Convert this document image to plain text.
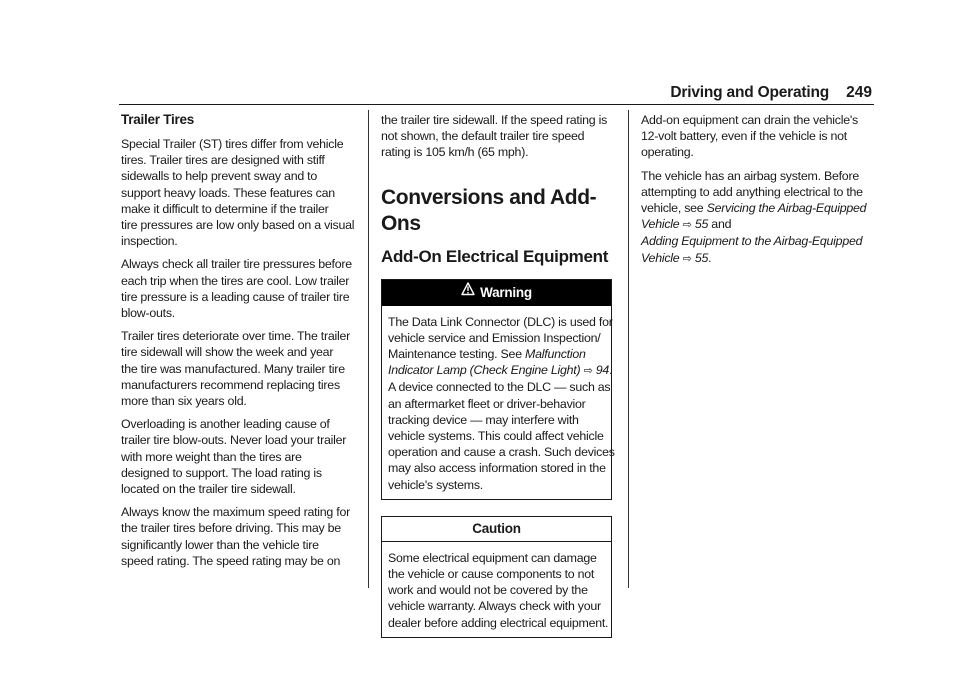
Driving and Operating 249
Trailer Tires

Special Trailer (ST) tires differ from vehicle
tires. Trailer tires are designed with stiff
sidewalls to help prevent sway and to
support heavy loads. These features can
make it difficult to determine if the trailer
tire pressures are low only based on a visual
inspection.

Always check all trailer tire pressures before
each trip when the tires are cool. Low trailer
tire pressure is a leading cause of trailer tire
blow-outs.

Trailer tires deteriorate over time. The trailer
tire sidewall will show the week and year
the tire was manufactured. Many trailer tire
manufacturers recommend replacing tires
more than six years old.

Overloading is another leading cause of
trailer tire blow-outs. Never load your trailer
with more weight than the tires are
designed to support. The load rating is
located on the trailer tire sidewall.

Always know the maximum speed rating for
the trailer tires before driving. This may be
significantly lower than the vehicle tire
speed rating. The speed rating may be on

the trailer tire sidewall. If the speed rating is
not shown, the default trailer tire speed
rating is 105 km/h (65 mph).

Conversions and Add-Ons
Add-On Electrical Equipment
Warning
The Data Link Connector (DLC) is used for
vehicle service and Emission Inspection/
Maintenance testing. See Malfunction
Indicator Lamp (Check Engine Light) ⇨ 94.
A device connected to the DLC — such as
an aftermarket fleet or driver-behavior
tracking device — may interfere with
vehicle systems. This could affect vehicle
operation and cause a crash. Such devices
may also access information stored in the
vehicle's systems.
Caution
Some electrical equipment can damage
the vehicle or cause components to not
work and would not be covered by the
vehicle warranty. Always check with your
dealer before adding electrical equipment.

Add-on equipment can drain the vehicle's
12-volt battery, even if the vehicle is not
operating.

The vehicle has an airbag system. Before
attempting to add anything electrical to the
vehicle, see Servicing the Airbag-Equipped
Vehicle ⇨ 55 and
Adding Equipment to the Airbag-Equipped
Vehicle ⇨ 55.
